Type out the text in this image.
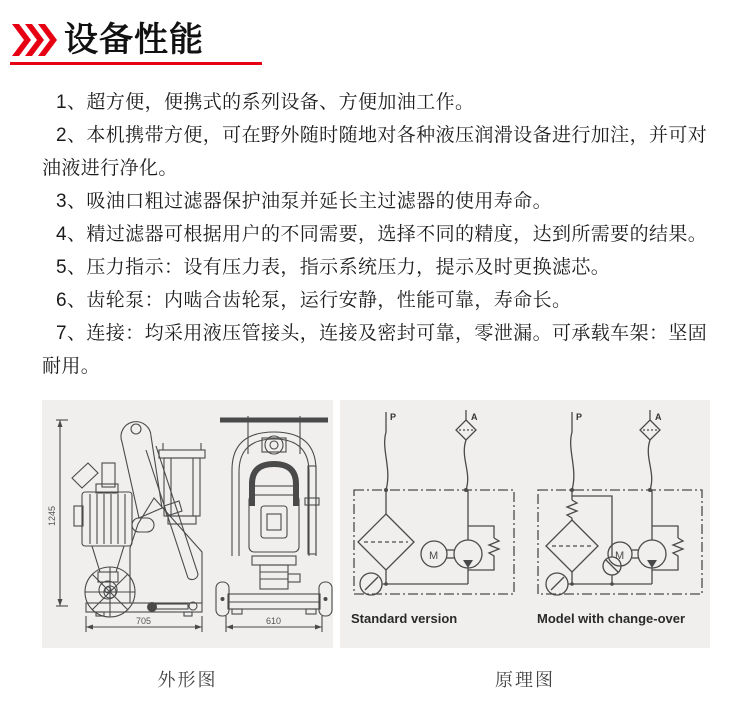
设备性能

1、超方便，便携式的系列设备、方便加油工作。

2、本机携带方便，可在野外随时随地对各种液压润滑设备进行加注，并可对
油液进行净化。

3、吸油口粗过滤器保护油泵并延长主过滤器的使用寿命。

4、精过滤器可根据用户的不同需要，选择不同的精度，达到所需要的结果。

5、压力指示：设有压力表，指示系统压力，提示及时更换滤芯。

6、齿轮泵：内啮合齿轮泵，运行安静，性能可靠，寿命长。

7、连接：均采用液压管接头，连接及密封可靠，零泄漏。可承载车架：坚固
耐用。

1245
705	610
P	A
M
Standard version
P	A
M
Model with change-over
外形图	原理图
